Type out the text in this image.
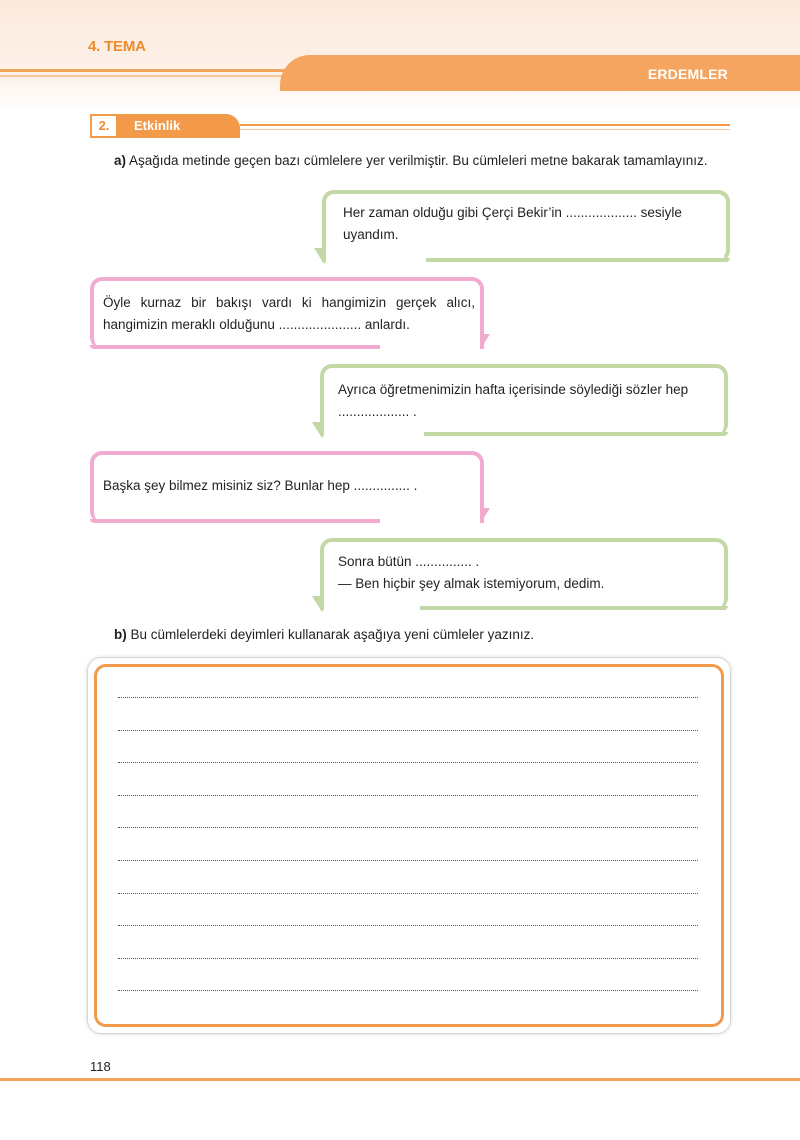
4. TEMA
ERDEMLER
2.	Etkinlik
a) Aşağıda metinde geçen bazı cümlelere yer verilmiştir. Bu cümleleri metne bakarak tamamlayınız.
Her zaman olduğu gibi Çerçi Bekir’in ................... sesiyle
uyandım.
Öyle kurnaz bir bakışı vardı ki hangimizin gerçek alıcı,
hangimizin meraklı olduğunu ...................... anlardı.
Ayrıca öğretmenimizin hafta içerisinde söylediği sözler hep
................... .
Başka şey bilmez misiniz siz? Bunlar hep ............... .
Sonra bütün ............... .
— Ben hiçbir şey almak istemiyorum, dedim.
b) Bu cümlelerdeki deyimleri kullanarak aşağıya yeni cümleler yazınız.
118
